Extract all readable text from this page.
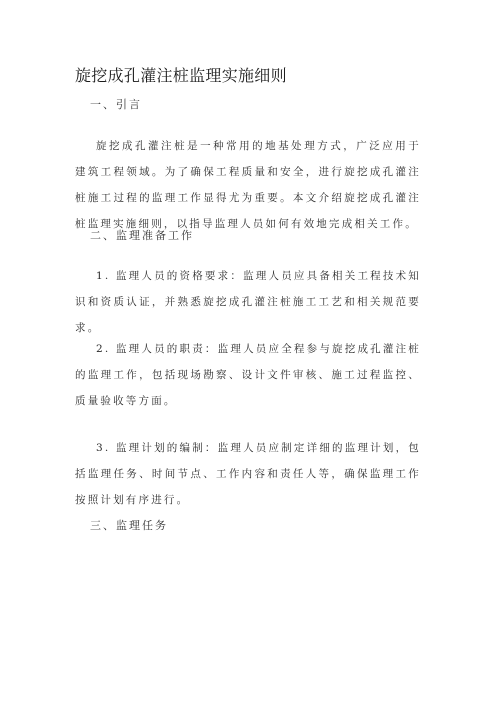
旋挖成孔灌注桩监理实施细则
一、引言
旋挖成孔灌注桩是一种常用的地基处理方式，广泛应用于建筑工程领域。为了确保工程质量和安全，进行旋挖成孔灌注桩施工过程的监理工作显得尤为重要。本文介绍旋挖成孔灌注桩监理实施细则，以指导监理人员如何有效地完成相关工作。
二、监理准备工作
1. 监理人员的资格要求：监理人员应具备相关工程技术知识和资质认证，并熟悉旋挖成孔灌注桩施工工艺和相关规范要求。
2. 监理人员的职责：监理人员应全程参与旋挖成孔灌注桩的监理工作，包括现场勘察、设计文件审核、施工过程监控、质量验收等方面。
3. 监理计划的编制：监理人员应制定详细的监理计划，包括监理任务、时间节点、工作内容和责任人等，确保监理工作按照计划有序进行。
三、监理任务
